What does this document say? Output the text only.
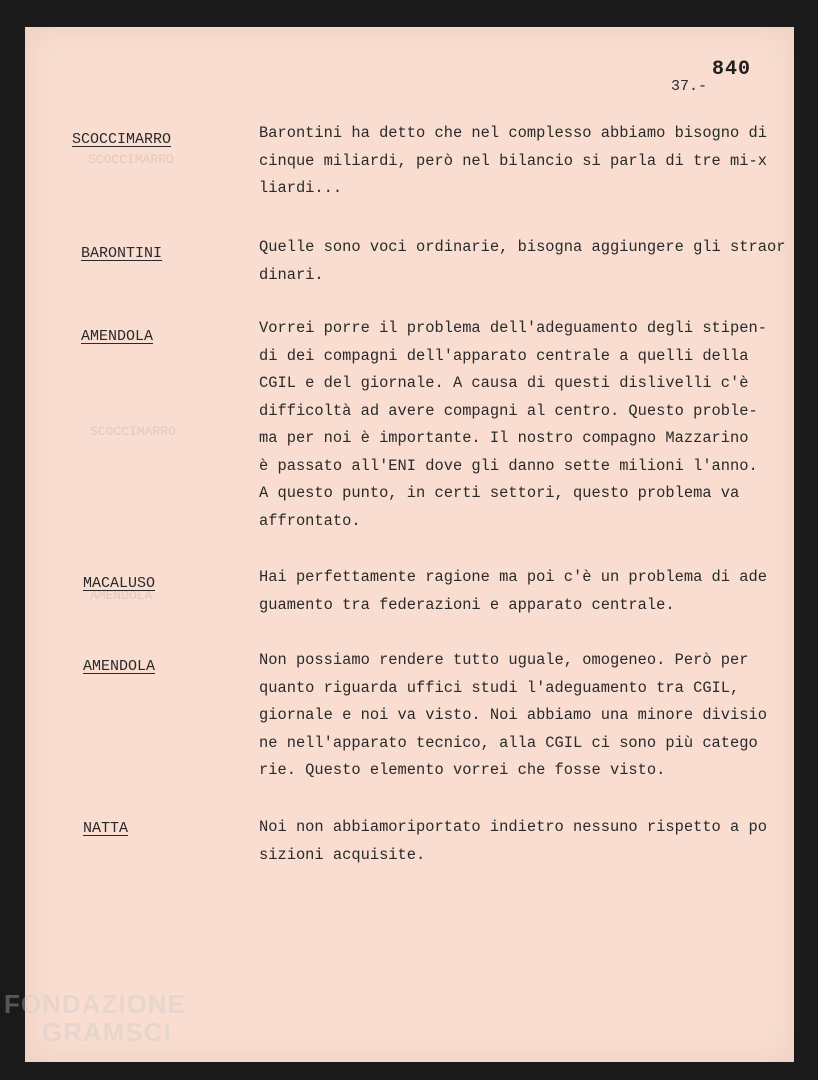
SCOCCIMARRO
SCOCCIMARRO
AMENDOLA
840
37.-
SCOCCIMARRO	Barontini ha detto che nel complesso abbiamo bisogno di
cinque miliardi, però nel bilancio si parla di tre mi-x
liardi...
BARONTINI	Quelle sono voci ordinarie, bisogna aggiungere gli straor
dinari.
AMENDOLA	Vorrei porre il problema dell'adeguamento degli stipen-
di dei compagni dell'apparato centrale a quelli della
CGIL e del giornale. A causa di questi dislivelli c'è
difficoltà ad avere compagni al centro. Questo proble-
ma per noi è importante. Il nostro compagno Mazzarino
è passato all'ENI dove gli danno sette milioni l'anno.
A questo punto, in certi settori, questo problema va
affrontato.
MACALUSO	Hai perfettamente ragione ma poi c'è un problema di ade
guamento tra federazioni e apparato centrale.
AMENDOLA	Non possiamo rendere tutto uguale, omogeneo. Però per
quanto riguarda uffici studi l'adeguamento tra CGIL,
giornale e noi va visto. Noi abbiamo una minore divisio
ne nell'apparato tecnico, alla CGIL ci sono più catego
rie. Questo elemento vorrei che fosse visto.
NATTA	Noi non abbiamoriportato indietro nessuno rispetto a po
sizioni acquisite.
FONDAZIONE
GRAMSCI
